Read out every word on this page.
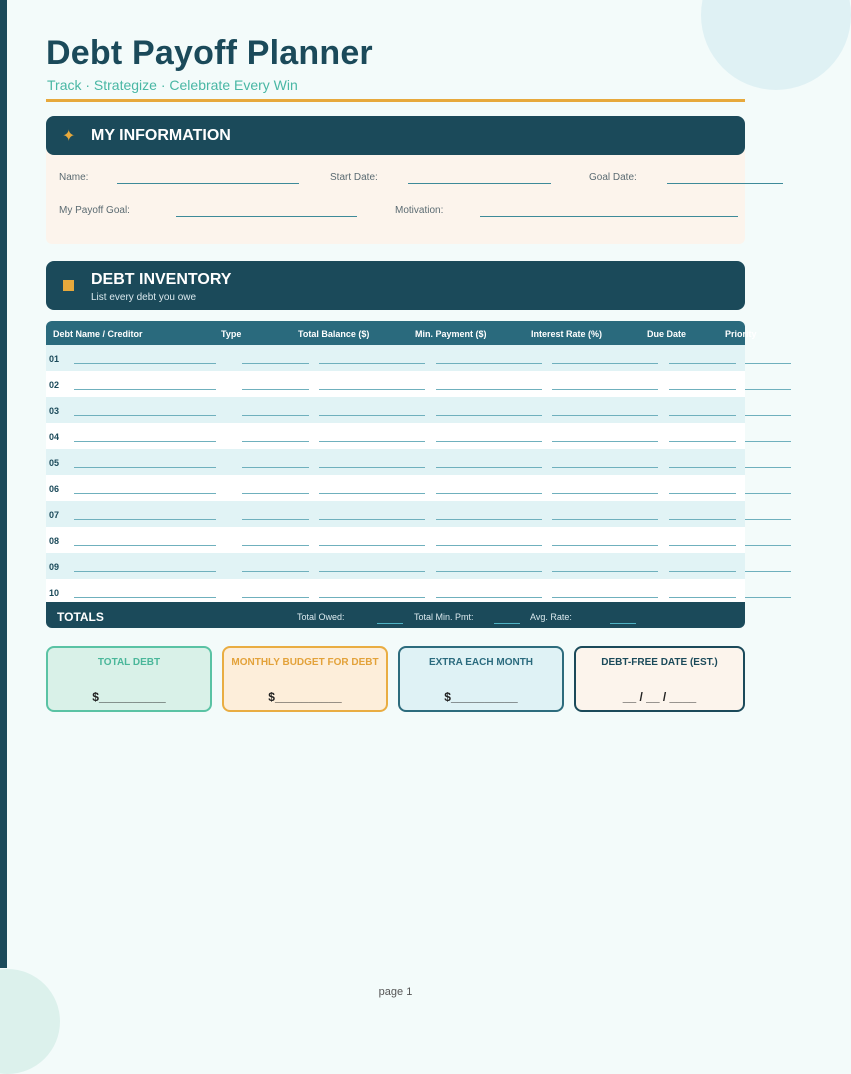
Debt Payoff Planner
Track · Strategize · Celebrate Every Win
Name:	Start Date:	Goal Date:
My Payoff Goal:	Motivation:
✦ MY INFORMATION
DEBT INVENTORY
List every debt you owe
Debt Name / Creditor	Type	Total Balance ($)	Min. Payment ($)	Interest Rate (%)	Due Date	Priority
01
02
03
04
05
06
07
08
09
10
TOTALS	Total Owed:	Total Min. Pmt:	Avg. Rate:
TOTAL DEBT
$__________
MONTHLY BUDGET FOR DEBT
$__________
EXTRA EACH MONTH
$__________
DEBT-FREE DATE (EST.)
__ / __ / ____
page 1
